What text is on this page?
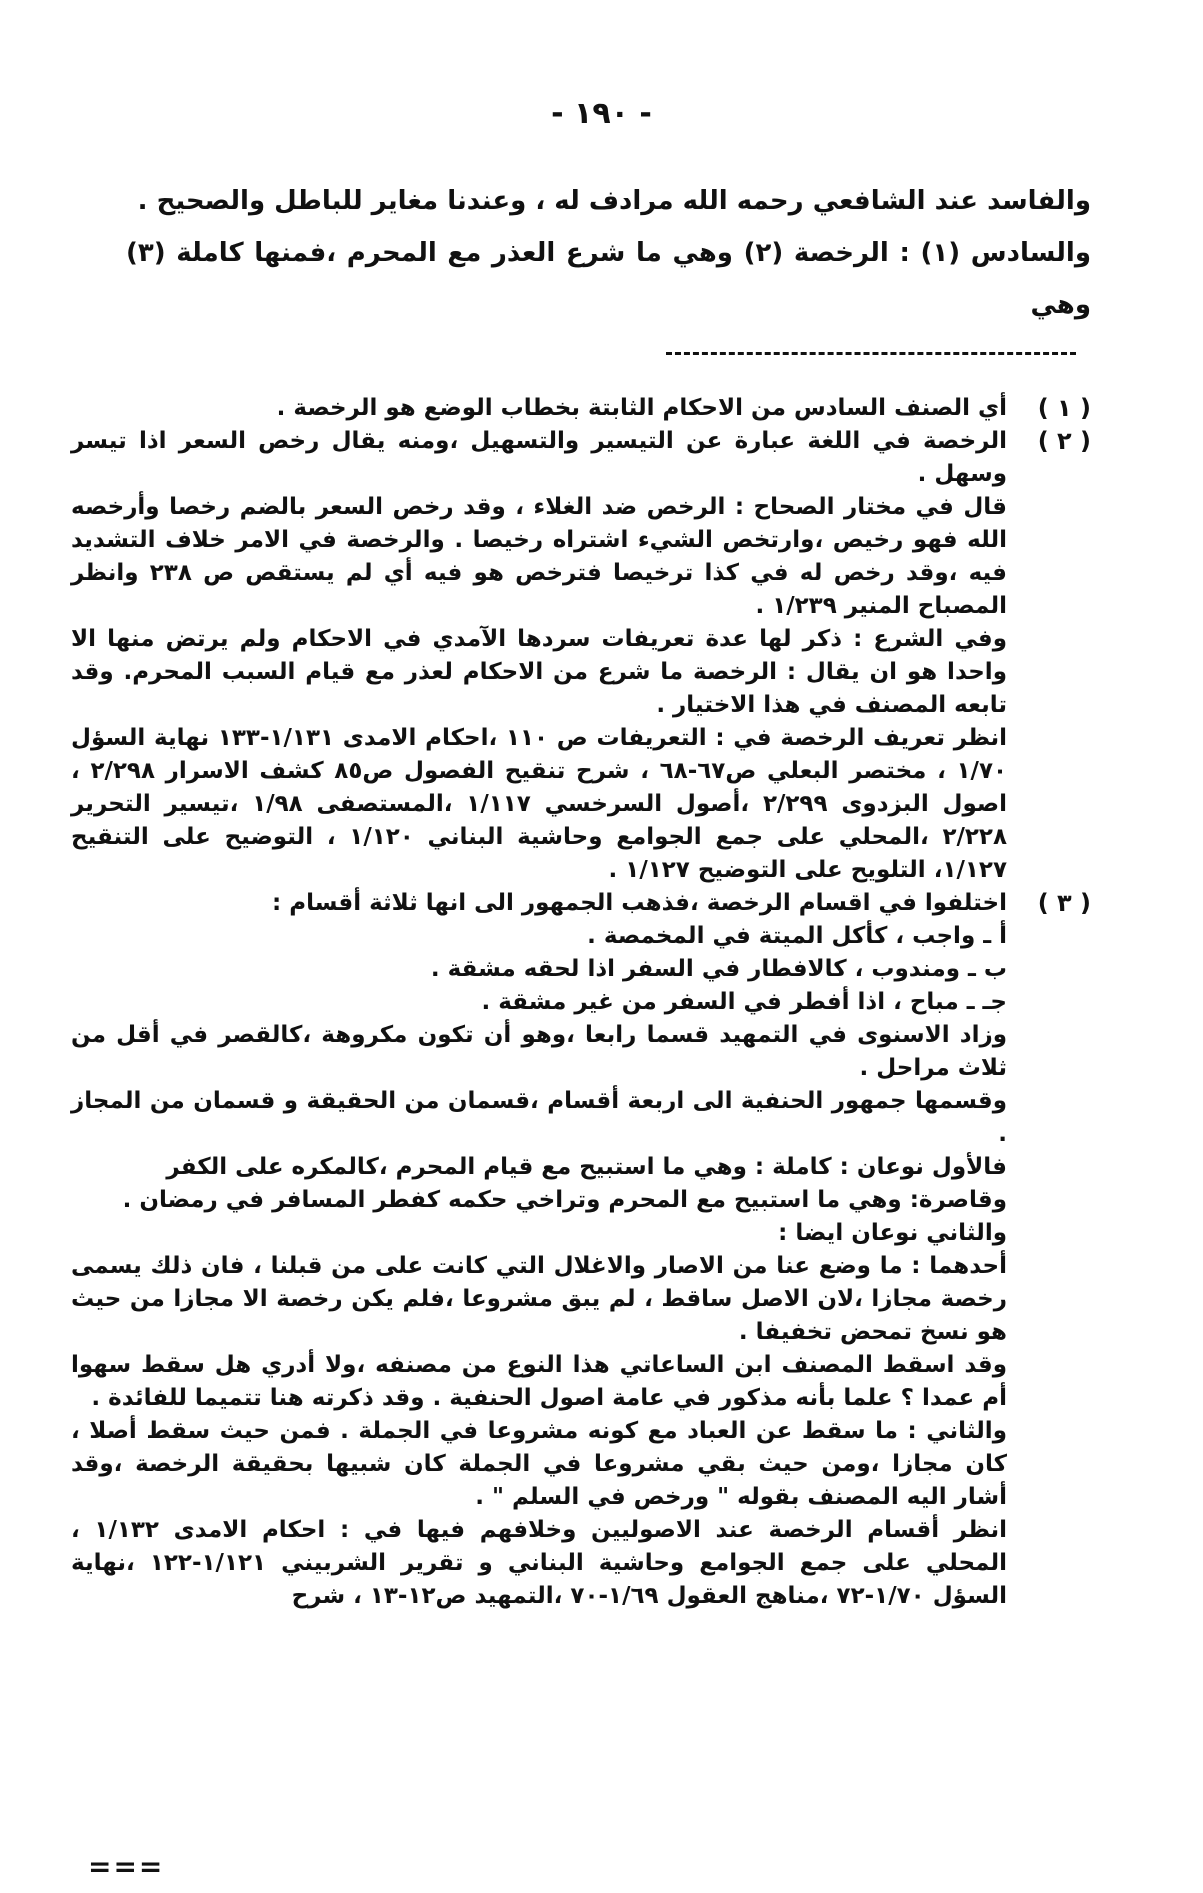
- ١٩٠ -

والفاسد عند الشافعي رحمه الله مرادف له ، وعندنا مغاير للباطل والصحيح .

والسادس (١) : الرخصة (٢) وهي ما شرع العذر مع المحرم ،فمنها كاملة (٣) وهي

( ١ )

أي الصنف السادس من الاحكام الثابتة بخطاب الوضع هو الرخصة .

( ٢ )

الرخصة في اللغة عبارة عن التيسير والتسهيل ،ومنه يقال رخص السعر اذا تيسر وسهل .

قال في مختار الصحاح : الرخص ضد الغلاء ، وقد رخص السعر بالضم رخصا وأرخصه الله فهو رخيص ،وارتخص الشيء اشتراه رخيصا . والرخصة في الامر خلاف التشديد فيه ،وقد رخص له في كذا ترخيصا فترخص هو فيه أي لم يستقص ص ٢٣٨ وانظر المصباح المنير ١/٢٣٩ .

وفي الشرع : ذكر لها عدة تعريفات سردها الآمدي في الاحكام ولم يرتض منها الا واحدا هو ان يقال : الرخصة ما شرع من الاحكام لعذر مع قيام السبب المحرم. وقد تابعه المصنف في هذا الاختيار .

انظر تعريف الرخصة في : التعريفات ص ١١٠ ،احكام الامدى ١/١٣١-١٣٣ نهاية السؤل ١/٧٠ ، مختصر البعلي ص٦٧-٦٨ ، شرح تنقيح الفصول ص٨٥ كشف الاسرار ٢/٢٩٨ ، اصول البزدوى ٢/٢٩٩ ،أصول السرخسي ١/١١٧ ،المستصفى ١/٩٨ ،تيسير التحرير ٢/٢٢٨ ،المحلي على جمع الجوامع وحاشية البناني ١/١٢٠ ، التوضيح على التنقيح ١/١٢٧، التلويح على التوضيح ١/١٢٧ .

( ٣ )

اختلفوا في اقسام الرخصة ،فذهب الجمهور الى انها ثلاثة أقسام :

أ ـ واجب ، كأكل الميتة في المخمصة .

ب ـ ومندوب ، كالافطار في السفر اذا لحقه مشقة .

جـ ـ مباح ، اذا أفطر في السفر من غير مشقة .

وزاد الاسنوى في التمهيد قسما رابعا ،وهو أن تكون مكروهة ،كالقصر في أقل من ثلاث مراحل .

وقسمها جمهور الحنفية الى اربعة أقسام ،قسمان من الحقيقة و قسمان من المجاز .

فالأول نوعان : كاملة : وهي ما استبيح مع قيام المحرم ،كالمكره على الكفر

وقاصرة: وهي ما استبيح مع المحرم وتراخي حكمه كفطر المسافر في رمضان .

والثاني نوعان ايضا :

أحدهما : ما وضع عنا من الاصار والاغلال التي كانت على من قبلنا ، فان ذلك يسمى رخصة مجازا ،لان الاصل ساقط ، لم يبق مشروعا ،فلم يكن رخصة الا مجازا من حيث هو نسخ تمحض تخفيفا .

وقد اسقط المصنف ابن الساعاتي هذا النوع من مصنفه ،ولا أدري هل سقط سهوا أم عمدا ؟ علما بأنه مذكور في عامة اصول الحنفية . وقد ذكرته هنا تتميما للفائدة .

والثاني : ما سقط عن العباد مع كونه مشروعا في الجملة . فمن حيث سقط أصلا ، كان مجازا ،ومن حيث بقي مشروعا في الجملة كان شبيها بحقيقة الرخصة ،وقد أشار اليه المصنف بقوله " ورخص في السلم " .

انظر أقسام الرخصة عند الاصوليين وخلافهم فيها في : احكام الامدى ١/١٣٢ ، المحلي على جمع الجوامع وحاشية البناني و تقرير الشربيني ١/١٢١-١٢٢ ،نهاية السؤل ١/٧٠-٧٢ ،مناهج العقول ١/٦٩-٧٠ ،التمهيد ص١٢-١٣ ، شرح

===
